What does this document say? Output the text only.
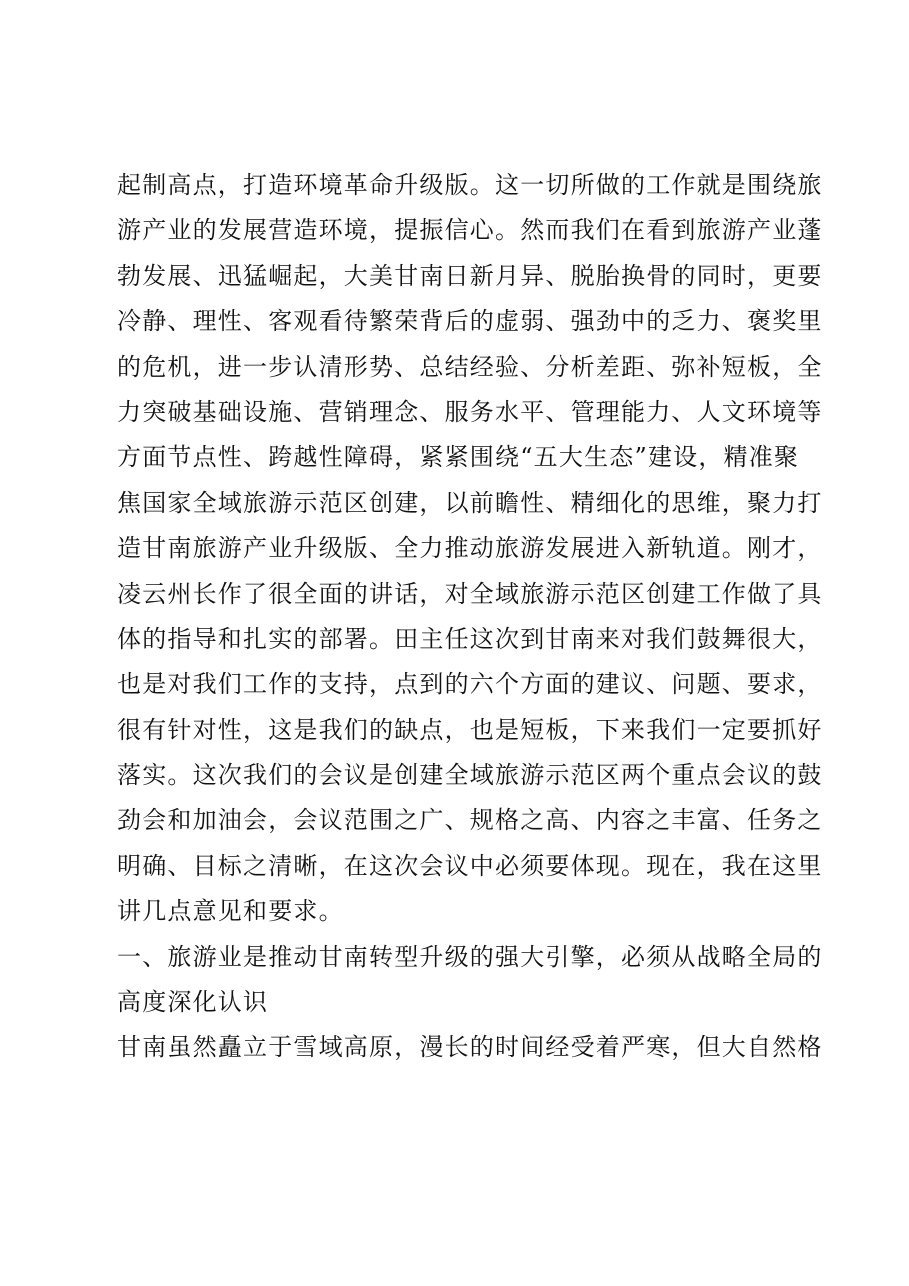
起制高点，打造环境革命升级版。这一切所做的工作就是围绕旅
游产业的发展营造环境，提振信心。然而我们在看到旅游产业蓬
勃发展、迅猛崛起，大美甘南日新月异、脱胎换骨的同时，更要
冷静、理性、客观看待繁荣背后的虚弱、强劲中的乏力、褒奖里
的危机，进一步认清形势、总结经验、分析差距、弥补短板，全
力突破基础设施、营销理念、服务水平、管理能力、人文环境等
方面节点性、跨越性障碍，紧紧围绕“五大生态”建设，精准聚
焦国家全域旅游示范区创建，以前瞻性、精细化的思维，聚力打
造甘南旅游产业升级版、全力推动旅游发展进入新轨道。刚才，
凌云州长作了很全面的讲话，对全域旅游示范区创建工作做了具
体的指导和扎实的部署。田主任这次到甘南来对我们鼓舞很大，
也是对我们工作的支持，点到的六个方面的建议、问题、要求，
很有针对性，这是我们的缺点，也是短板，下来我们一定要抓好
落实。这次我们的会议是创建全域旅游示范区两个重点会议的鼓
劲会和加油会，会议范围之广、规格之高、内容之丰富、任务之
明确、目标之清晰，在这次会议中必须要体现。现在，我在这里
讲几点意见和要求。
一、旅游业是推动甘南转型升级的强大引擎，必须从战略全局的
高度深化认识
甘南虽然矗立于雪域高原，漫长的时间经受着严寒，但大自然格
